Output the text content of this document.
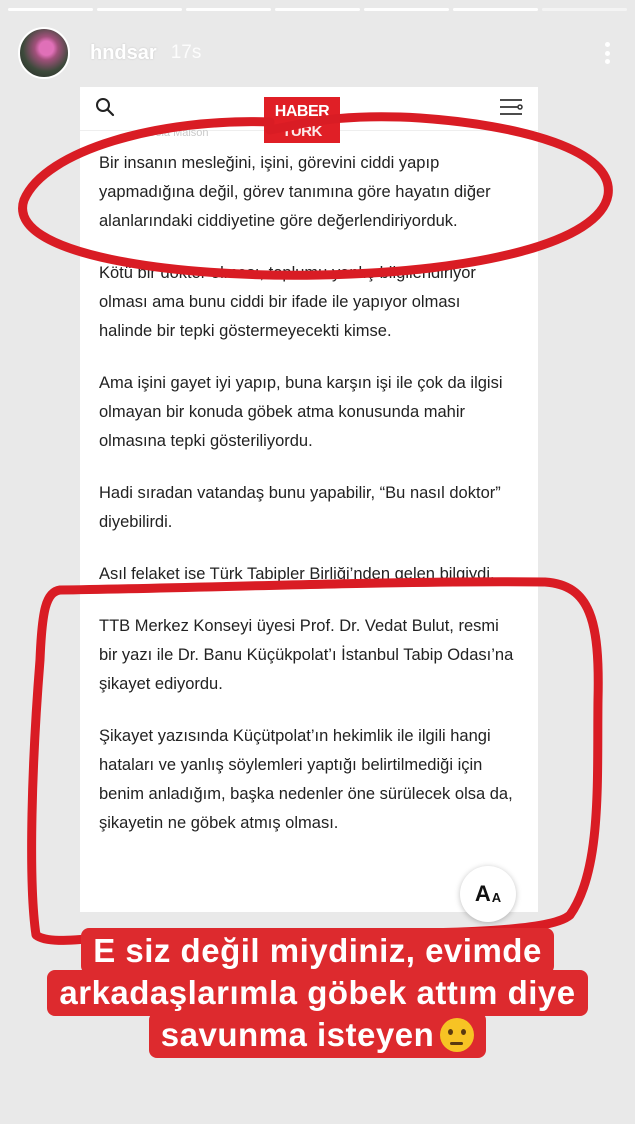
hndsar 17s
HABER
TÜRK
Bola Malson

Bir insanın mesleğini, işini, görevini ciddi yapıp yapmadığına değil, görev tanımına göre hayatın diğer alanlarındaki ciddiyetine göre değerlendiriyorduk.

Kötü bir doktor olması, toplumu yanlış bilgilendiriyor olması ama bunu ciddi bir ifade ile yapıyor olması halinde bir tepki göstermeyecekti kimse.

Ama işini gayet iyi yapıp, buna karşın işi ile çok da ilgisi olmayan bir konuda göbek atma konusunda mahir olmasına tepki gösteriliyordu.

Hadi sıradan vatandaş bunu yapabilir, “Bu nasıl doktor” diyebilirdi.

Asıl felaket ise Türk Tabipler Birliği’nden gelen bilgiydi.

TTB Merkez Konseyi üyesi Prof. Dr. Vedat Bulut, resmi bir yazı ile Dr. Banu Küçükpolat’ı İstanbul Tabip Odası’na şikayet ediyordu.

Şikayet yazısında Küçütpolat’ın hekimlik ile ilgili hangi hataları ve yanlış söylemleri yaptığı belirtilmediği için benim anladığım, başka nedenler öne sürülecek olsa da, şikayetin ne göbek atmış olması.

A A
E siz değil miydiniz, evimde
arkadaşlarımla göbek attım diye
savunma isteyen
